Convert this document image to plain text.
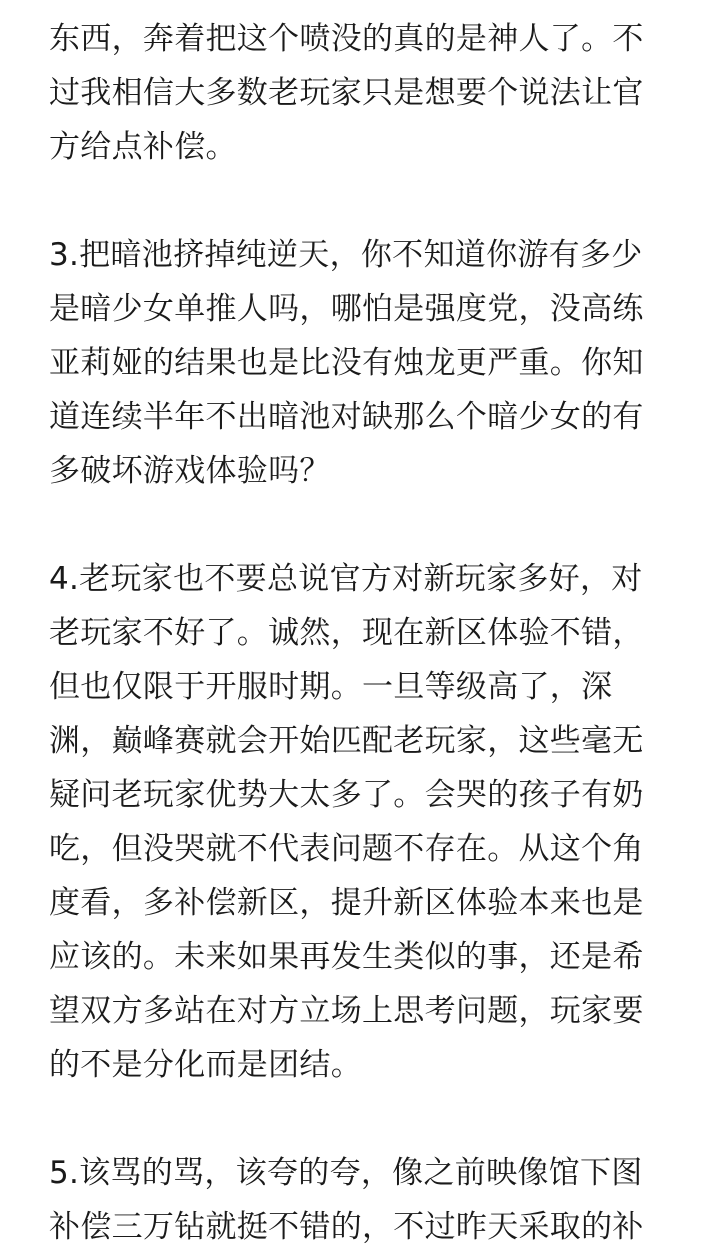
东西，奔着把这个喷没的真的是神人了。不
过我相信大多数老玩家只是想要个说法让官
方给点补偿。
3.把暗池挤掉纯逆天，你不知道你游有多少
是暗少女单推人吗，哪怕是强度党，没高练
亚莉娅的结果也是比没有烛龙更严重。你知
道连续半年不出暗池对缺那么个暗少女的有
多破坏游戏体验吗？
4.老玩家也不要总说官方对新玩家多好，对
老玩家不好了。诚然，现在新区体验不错，
但也仅限于开服时期。一旦等级高了，深
渊，巅峰赛就会开始匹配老玩家，这些毫无
疑问老玩家优势大太多了。会哭的孩子有奶
吃，但没哭就不代表问题不存在。从这个角
度看，多补偿新区，提升新区体验本来也是
应该的。未来如果再发生类似的事，还是希
望双方多站在对方立场上思考问题，玩家要
的不是分化而是团结。
5.该骂的骂，该夸的夸，像之前映像馆下图
补偿三万钻就挺不错的，不过昨天采取的补
